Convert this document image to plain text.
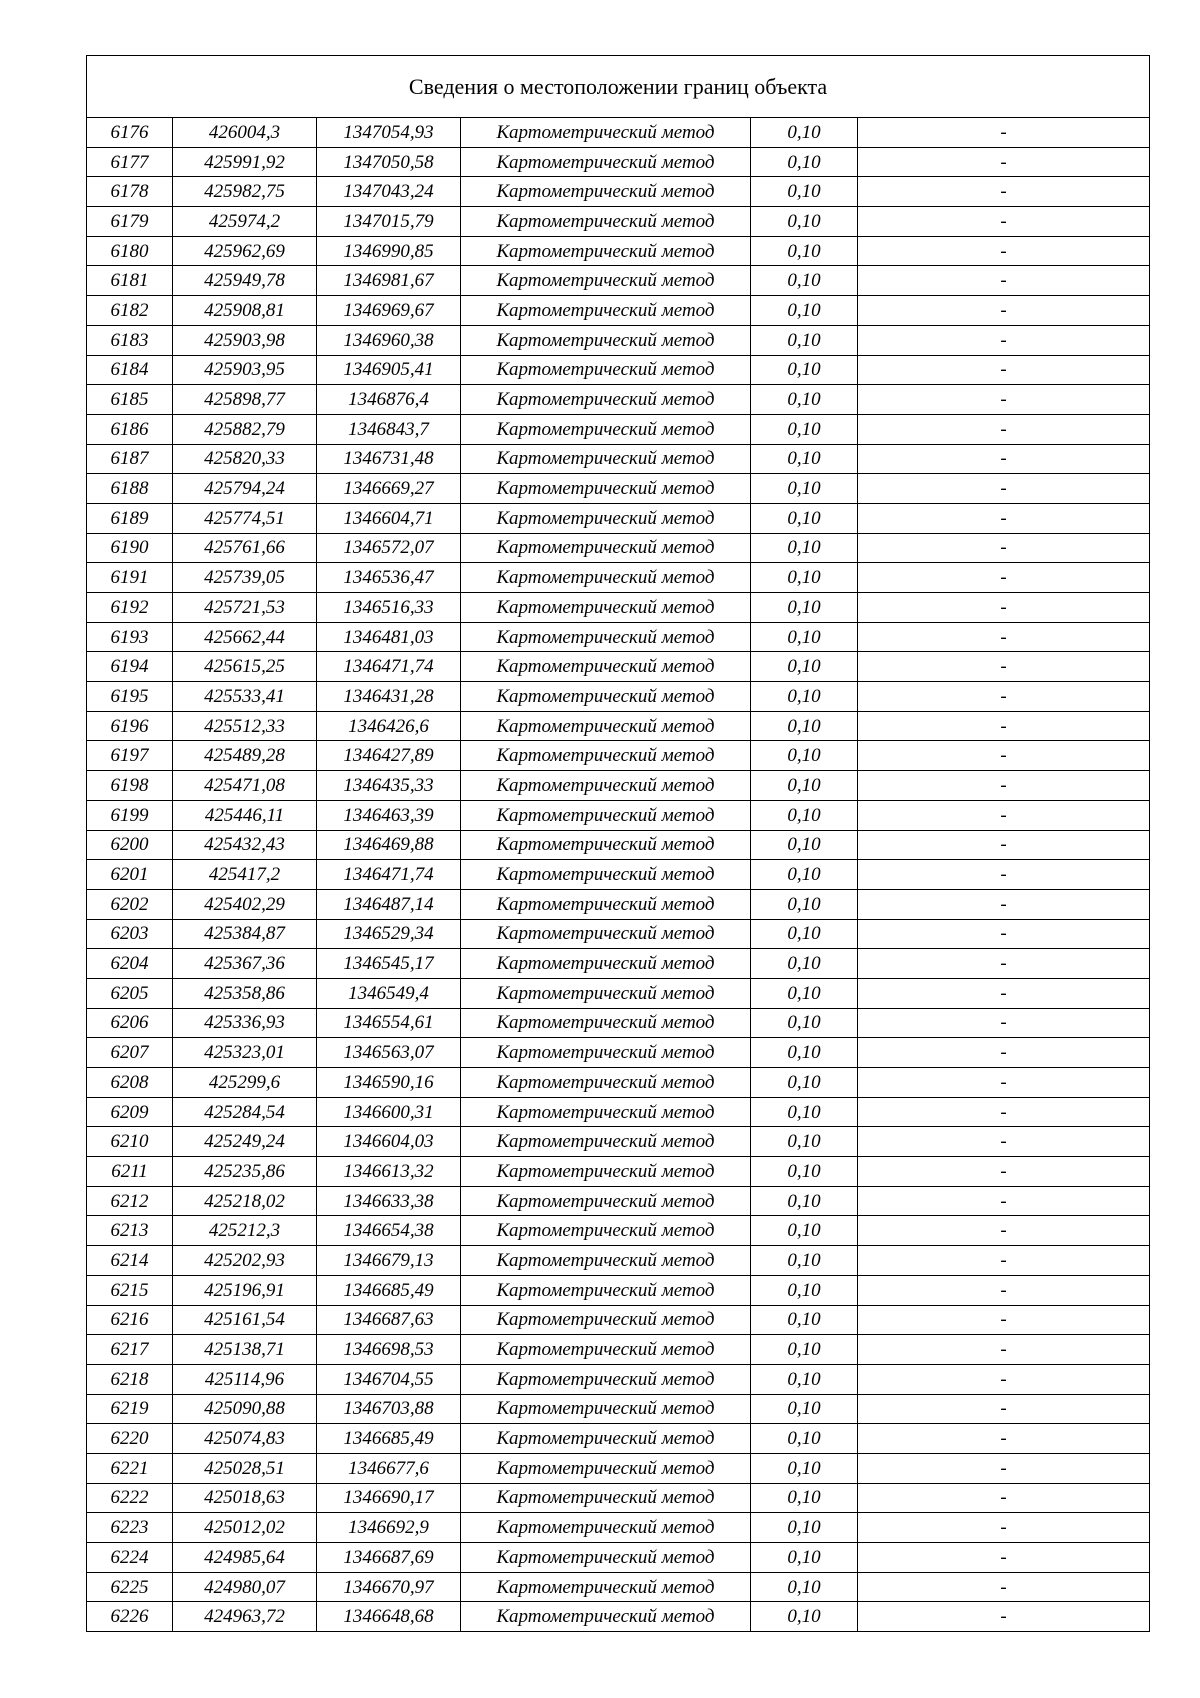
Сведения о местоположении границ объекта					
6176	426004,3	1347054,93	Картометрический метод	0,10	-
6177	425991,92	1347050,58	Картометрический метод	0,10	-
6178	425982,75	1347043,24	Картометрический метод	0,10	-
6179	425974,2	1347015,79	Картометрический метод	0,10	-
6180	425962,69	1346990,85	Картометрический метод	0,10	-
6181	425949,78	1346981,67	Картометрический метод	0,10	-
6182	425908,81	1346969,67	Картометрический метод	0,10	-
6183	425903,98	1346960,38	Картометрический метод	0,10	-
6184	425903,95	1346905,41	Картометрический метод	0,10	-
6185	425898,77	1346876,4	Картометрический метод	0,10	-
6186	425882,79	1346843,7	Картометрический метод	0,10	-
6187	425820,33	1346731,48	Картометрический метод	0,10	-
6188	425794,24	1346669,27	Картометрический метод	0,10	-
6189	425774,51	1346604,71	Картометрический метод	0,10	-
6190	425761,66	1346572,07	Картометрический метод	0,10	-
6191	425739,05	1346536,47	Картометрический метод	0,10	-
6192	425721,53	1346516,33	Картометрический метод	0,10	-
6193	425662,44	1346481,03	Картометрический метод	0,10	-
6194	425615,25	1346471,74	Картометрический метод	0,10	-
6195	425533,41	1346431,28	Картометрический метод	0,10	-
6196	425512,33	1346426,6	Картометрический метод	0,10	-
6197	425489,28	1346427,89	Картометрический метод	0,10	-
6198	425471,08	1346435,33	Картометрический метод	0,10	-
6199	425446,11	1346463,39	Картометрический метод	0,10	-
6200	425432,43	1346469,88	Картометрический метод	0,10	-
6201	425417,2	1346471,74	Картометрический метод	0,10	-
6202	425402,29	1346487,14	Картометрический метод	0,10	-
6203	425384,87	1346529,34	Картометрический метод	0,10	-
6204	425367,36	1346545,17	Картометрический метод	0,10	-
6205	425358,86	1346549,4	Картометрический метод	0,10	-
6206	425336,93	1346554,61	Картометрический метод	0,10	-
6207	425323,01	1346563,07	Картометрический метод	0,10	-
6208	425299,6	1346590,16	Картометрический метод	0,10	-
6209	425284,54	1346600,31	Картометрический метод	0,10	-
6210	425249,24	1346604,03	Картометрический метод	0,10	-
6211	425235,86	1346613,32	Картометрический метод	0,10	-
6212	425218,02	1346633,38	Картометрический метод	0,10	-
6213	425212,3	1346654,38	Картометрический метод	0,10	-
6214	425202,93	1346679,13	Картометрический метод	0,10	-
6215	425196,91	1346685,49	Картометрический метод	0,10	-
6216	425161,54	1346687,63	Картометрический метод	0,10	-
6217	425138,71	1346698,53	Картометрический метод	0,10	-
6218	425114,96	1346704,55	Картометрический метод	0,10	-
6219	425090,88	1346703,88	Картометрический метод	0,10	-
6220	425074,83	1346685,49	Картометрический метод	0,10	-
6221	425028,51	1346677,6	Картометрический метод	0,10	-
6222	425018,63	1346690,17	Картометрический метод	0,10	-
6223	425012,02	1346692,9	Картометрический метод	0,10	-
6224	424985,64	1346687,69	Картометрический метод	0,10	-
6225	424980,07	1346670,97	Картометрический метод	0,10	-
6226	424963,72	1346648,68	Картометрический метод	0,10	-
